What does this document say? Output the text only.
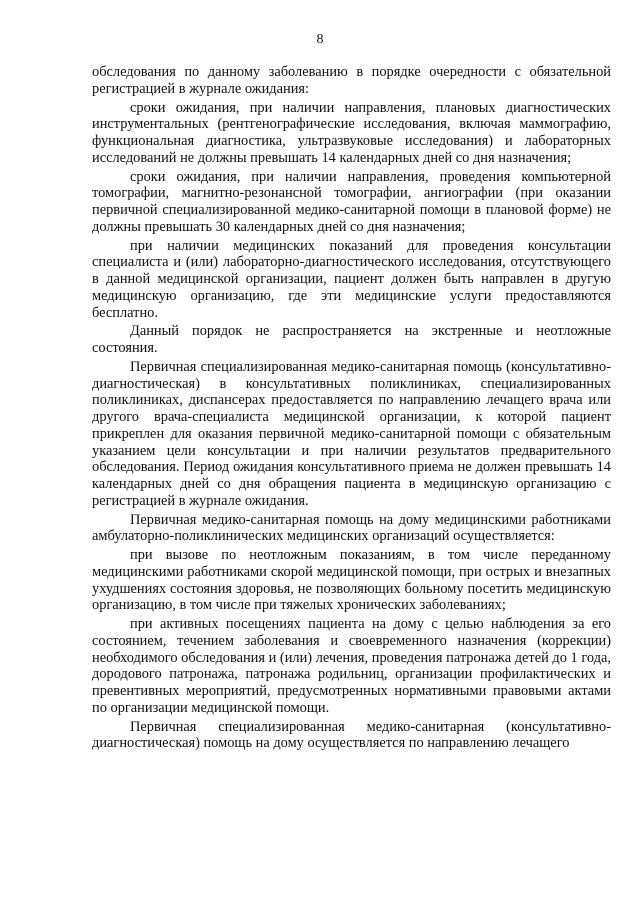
8

обследования по данному заболеванию в порядке очередности с обязательной регистрацией в журнале ожидания:

сроки ожидания, при наличии направления, плановых диагностических инструментальных (рентгенографические исследования, включая маммографию, функциональная диагностика, ультразвуковые исследования) и лабораторных исследований не должны превышать 14 календарных дней со дня назначения;

сроки ожидания, при наличии направления, проведения компьютерной томографии, магнитно-резонансной томографии, ангиографии (при оказании первичной специализированной медико-санитарной помощи в плановой форме) не должны превышать 30 календарных дней со дня назначения;

при наличии медицинских показаний для проведения консультации специалиста и (или) лабораторно-диагностического исследования, отсутствующего в данной медицинской организации, пациент должен быть направлен в другую медицинскую организацию, где эти медицинские услуги предоставляются бесплатно.

Данный порядок не распространяется на экстренные и неотложные состояния.

Первичная специализированная медико-санитарная помощь (консультативно-диагностическая) в консультативных поликлиниках, специализированных поликлиниках, диспансерах предоставляется по направлению лечащего врача или другого врача-специалиста медицинской организации, к которой пациент прикреплен для оказания первичной медико-санитарной помощи с обязательным указанием цели консультации и при наличии результатов предварительного обследования. Период ожидания консультативного приема не должен превышать 14 календарных дней со дня обращения пациента в медицинскую организацию с регистрацией в журнале ожидания.

Первичная медико-санитарная помощь на дому медицинскими работниками амбулаторно-поликлинических медицинских организаций осуществляется:

при вызове по неотложным показаниям, в том числе переданному медицинскими работниками скорой медицинской помощи, при острых и внезапных ухудшениях состояния здоровья, не позволяющих больному посетить медицинскую организацию, в том числе при тяжелых хронических заболеваниях;

при активных посещениях пациента на дому с целью наблюдения за его состоянием, течением заболевания и своевременного назначения (коррекции) необходимого обследования и (или) лечения, проведения патронажа детей до 1 года, дородового патронажа, патронажа родильниц, организации профилактических и превентивных мероприятий, предусмотренных нормативными правовыми актами по организации медицинской помощи.

Первичная специализированная медико-санитарная (консультативно-диагностическая) помощь на дому осуществляется по направлению лечащего
